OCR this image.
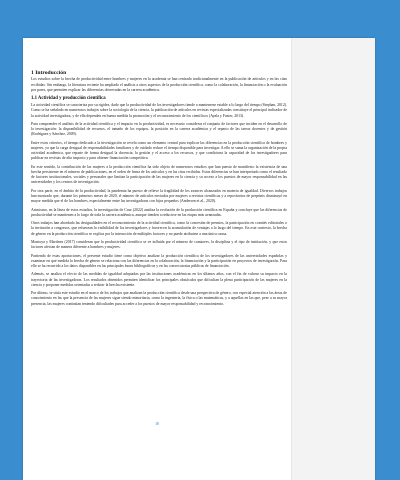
1 Introducción

Los estudios sobre la brecha de productividad entre hombres y mujeres en la academia se han centrado tradicionalmente en la publicación de artículos y en las citas recibidas. Sin embargo, la literatura reciente ha ampliado el análisis a otros aspectos de la producción científica, como la colaboración, la financiación o la evaluación por pares, que permiten explicar las diferencias observadas en la carrera académica.

1.1 Actividad y producción científica

La actividad científica se caracteriza por su rigidez, dado que la productividad de los investigadores tiende a mantenerse estable a lo largo del tiempo (Stephan, 2012). Como se ha señalado en numerosos trabajos sobre la sociología de la ciencia, la publicación de artículos en revistas especializadas constituye el principal indicador de la actividad investigadora, y de ella dependen en buena medida la promoción y el reconocimiento de los científicos (Ayala y Fuster, 2013).

Para comprender el análisis de la actividad científica y el impacto en la productividad, es necesario considerar el conjunto de factores que inciden en el desarrollo de la investigación: la disponibilidad de recursos, el tamaño de los equipos, la posición en la carrera académica y el reparto de las tareas docentes y de gestión (Rodríguez y Sánchez, 2009).

Entre estos criterios, el tiempo dedicado a la investigación se revela como un elemento central para explicar las diferencias en la producción científica de hombres y mujeres, ya que la carga desigual de responsabilidades familiares y de cuidado reduce el tiempo disponible para investigar. A ello se suma la organización de la propia actividad académica, que reparte de forma desigual la docencia, la gestión y el acceso a los recursos, y que condiciona la capacidad de los investigadores para publicar en revistas de alto impacto y para obtener financiación competitiva.

En este sentido, la contribución de las mujeres a la producción científica ha sido objeto de numerosos estudios que han puesto de manifiesto la existencia de una brecha persistente en el número de publicaciones, en el orden de firma de los artículos y en las citas recibidas. Estas diferencias se han interpretado como el resultado de factores institucionales, sociales y personales que limitan la participación de las mujeres en la ciencia y su acceso a los puestos de mayor responsabilidad en las universidades y los centros de investigación.

Por otra parte, en el ámbito de la productividad, la pandemia ha puesto de relieve la fragilidad de los avances alcanzados en materia de igualdad. Diversos trabajos han mostrado que, durante los primeros meses de 2020, el número de artículos enviados por mujeres a revistas científicas y a repositorios de preprints disminuyó en mayor medida que el de los hombres, especialmente entre las investigadoras con hijos pequeños (Andersen et al., 2020).

Asimismo, en la línea de estos estudios, la investigación de Cruz (2022) analiza la evolución de la producción científica en España y concluye que las diferencias de productividad se mantienen a lo largo de toda la carrera académica, aunque tienden a reducirse en las etapas más avanzadas.

Otros trabajos han abordado las desigualdades en el reconocimiento de la actividad científica, como la concesión de premios, la participación en comités editoriales o la invitación a congresos, que refuerzan la visibilidad de los investigadores y favorecen la acumulación de ventajas a lo largo del tiempo. En este contexto, la brecha de género en la producción científica se explica por la interacción de múltiples factores y no puede atribuirse a una única causa.

Montoya y Martínez (2017) consideran que la productividad científica se ve influida por el número de coautores, la disciplina y el tipo de institución, y que estos factores afectan de manera diferente a hombres y mujeres.

Partiendo de estas aportaciones, el presente estudio tiene como objetivo analizar la producción científica de los investigadores de las universidades españolas y examinar en qué medida la brecha de género se relaciona con las diferencias en la colaboración, la financiación y la participación en proyectos de investigación. Para ello se ha recurrido a los datos disponibles en las principales bases bibliográficas y en las convocatorias públicas de financiación.

Además, se analiza el efecto de las medidas de igualdad adoptadas por las instituciones académicas en los últimos años, con el fin de valorar su impacto en la trayectoria de las investigadoras. Los resultados obtenidos permiten identificar los principales obstáculos que dificultan la plena participación de las mujeres en la ciencia y proponer medidas orientadas a reducir la brecha existente.

Por último, se sitúa este estudio en el marco de los trabajos que analizan la producción científica desde una perspectiva de género, con especial atención a las áreas de conocimiento en las que la presencia de las mujeres sigue siendo minoritaria, como la ingeniería, la física o las matemáticas, y a aquellas en las que, pese a su mayor presencia, las mujeres continúan teniendo dificultades para acceder a los puestos de mayor responsabilidad y reconocimiento.

10
